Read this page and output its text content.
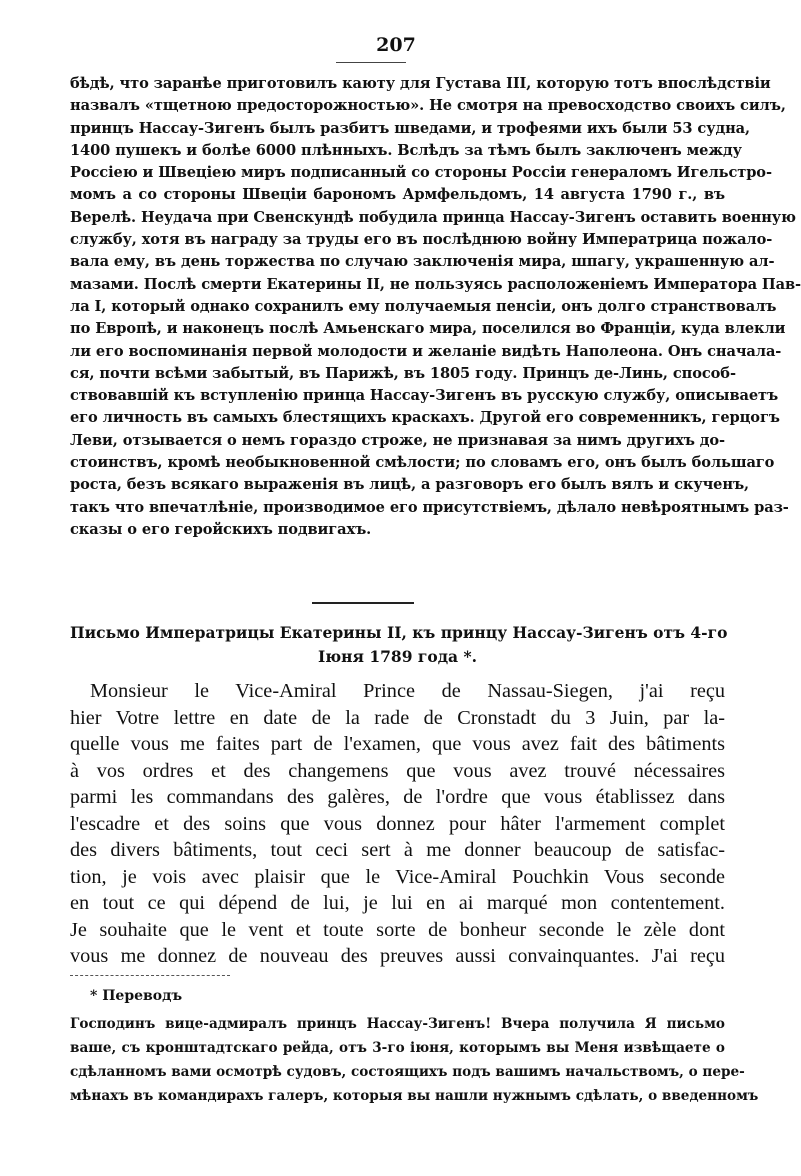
207
бѣдѣ, что заранѣе приготовилъ каюту для Густава III, которую тотъ впослѣдствіи
назвалъ «тщетною предосторожностью». Не смотря на превосходство своихъ силъ,
принцъ Нассау-Зигенъ былъ разбитъ шведами, и трофеями ихъ были 53 судна,
1400 пушекъ и болѣе 6000 плѣнныхъ. Вслѣдъ за тѣмъ былъ заключенъ между
Россіею и Швеціею миръ подписанный со стороны Россіи генераломъ Игельстро-
момъ а со стороны Швеціи барономъ Армфельдомъ, 14 августа 1790 г., въ
Верелѣ. Неудача при Свенскундѣ побудила принца Нассау-Зигенъ оставить военную
службу, хотя въ награду за труды его въ послѣднюю войну Императрица пожало-
вала ему, въ день торжества по случаю заключенія мира, шпагу, украшенную ал-
мазами. Послѣ смерти Екатерины II, не пользуясь расположеніемъ Императора Пав-
ла I, который однако сохранилъ ему получаемыя пенсіи, онъ долго странствовалъ
по Европѣ, и наконецъ послѣ Амьенскаго мира, поселился во Франціи, куда влекли
ли его воспоминанія первой молодости и желаніе видѣть Наполеона. Онъ сначала-
ся, почти всѣми забытый, въ Парижѣ, въ 1805 году. Принцъ де-Линь, способ-
ствовавшій къ вступленію принца Нассау-Зигенъ въ русскую службу, описываетъ
его личность въ самыхъ блестящихъ краскахъ. Другой его современникъ, герцогъ
Леви, отзывается о немъ гораздо строже, не признавая за нимъ другихъ до-
стоинствъ, кромѣ необыкновенной смѣлости; по словамъ его, онъ былъ большаго
роста, безъ всякаго выраженія въ лицѣ, а разговоръ его былъ вялъ и скученъ,
такъ что впечатлѣніе, производимое его присутствіемъ, дѣлало невѣроятнымъ раз-
сказы о его геройскихъ подвигахъ.
Письмо Императрицы Екатерины II, къ принцу Нассау-Зигенъ отъ 4-го
Іюня 1789 года *.
Monsieur le Vice-Amiral Prince de Nassau-Siegen, j'ai reçu
hier Votre lettre en date de la rade de Cronstadt du 3 Juin, par la-
quelle vous me faites part de l'examen, que vous avez fait des bâtiments
à vos ordres et des changemens que vous avez trouvé nécessaires
parmi les commandans des galères, de l'ordre que vous établissez dans
l'escadre et des soins que vous donnez pour hâter l'armement complet
des divers bâtiments, tout ceci sert à me donner beaucoup de satisfac-
tion, je vois avec plaisir que le Vice-Amiral Pouchkin Vous seconde
en tout ce qui dépend de lui, je lui en ai marqué mon contentement.
Je souhaite que le vent et toute sorte de bonheur seconde le zèle dont
vous me donnez de nouveau des preuves aussi convainquantes. J'ai reçu
* Переводъ
Господинъ вице-адмиралъ принцъ Нассау-Зигенъ! Вчера получила Я письмо
ваше, съ кронштадтскаго рейда, отъ 3-го іюня, которымъ вы Меня извѣщаете о
сдѣланномъ вами осмотрѣ судовъ, состоящихъ подъ вашимъ начальствомъ, о пере-
мѣнахъ въ командирахъ галеръ, которыя вы нашли нужнымъ сдѣлать, о введенномъ
